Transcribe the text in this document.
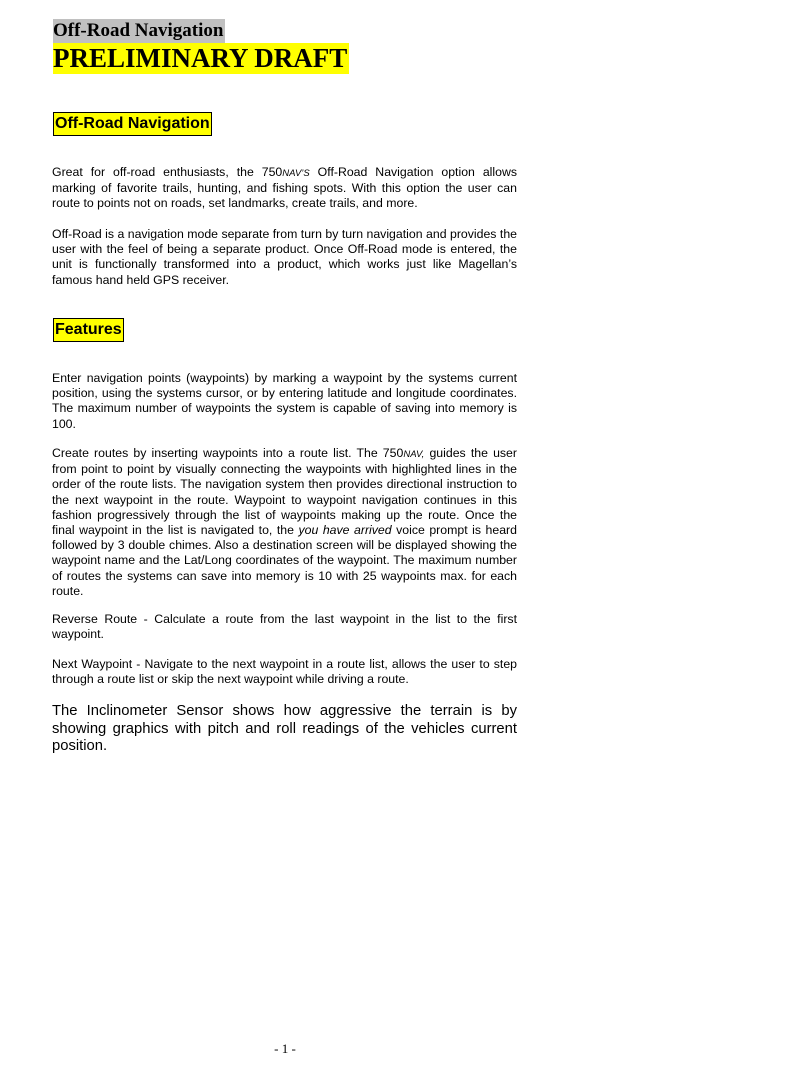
Off-Road Navigation
PRELIMINARY DRAFT
Off-Road Navigation
Great for off-road enthusiasts, the 750NAV’S Off-Road Navigation option allows marking of favorite trails, hunting, and fishing spots. With this option the user can route to points not on roads, set landmarks, create trails, and more.
Off-Road is a navigation mode separate from turn by turn navigation and provides the user with the feel of being a separate product. Once Off-Road mode is entered, the unit is functionally transformed into a product, which works just like Magellan’s famous hand held GPS receiver.
Features
Enter navigation points (waypoints) by marking a waypoint by the systems current position, using the systems cursor, or by entering latitude and longitude coordinates. The maximum number of waypoints the system is capable of saving into memory is 100.
Create routes by inserting waypoints into a route list. The 750NAV, guides the user from point to point by visually connecting the waypoints with highlighted lines in the order of the route lists. The navigation system then provides directional instruction to the next waypoint in the route. Waypoint to waypoint navigation continues in this fashion progressively through the list of waypoints making up the route. Once the final waypoint in the list is navigated to, the you have arrived voice prompt is heard followed by 3 double chimes. Also a destination screen will be displayed showing the waypoint name and the Lat/Long coordinates of the waypoint. The maximum number of routes the systems can save into memory is 10 with 25 waypoints max. for each route.
Reverse Route - Calculate a route from the last waypoint in the list to the first waypoint.
Next Waypoint - Navigate to the next waypoint in a route list, allows the user to step through a route list or skip the next waypoint while driving a route.
The Inclinometer Sensor shows how aggressive the terrain is by showing graphics with pitch and roll readings of the vehicles current position.
- 1 -
